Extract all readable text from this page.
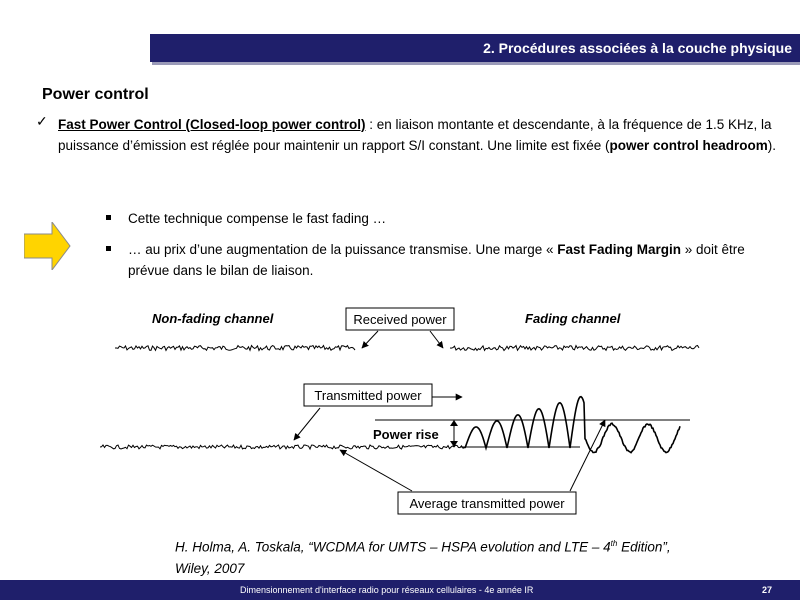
2. Procédures associées à la couche physique
Power control
✓ Fast Power Control (Closed-loop power control) : en liaison montante et descendante, à la fréquence de 1.5 KHz, la puissance d’émission est réglée pour maintenir un rapport S/I constant. Une limite est fixée (power control headroom).
Cette technique compense le fast fading …
… au prix d’une augmentation de la puissance transmise. Une marge « Fast Fading Margin » doit être prévue dans le bilan de liaison.
Non-fading channel	Fading channel
Received power
Transmitted power
Power rise
Average transmitted power
H. Holma, A. Toskala, “WCDMA for UMTS – HSPA evolution and LTE – 4th Edition”,
Wiley, 2007
Dimensionnement d'interface radio pour réseaux cellulaires - 4e année IR	27
